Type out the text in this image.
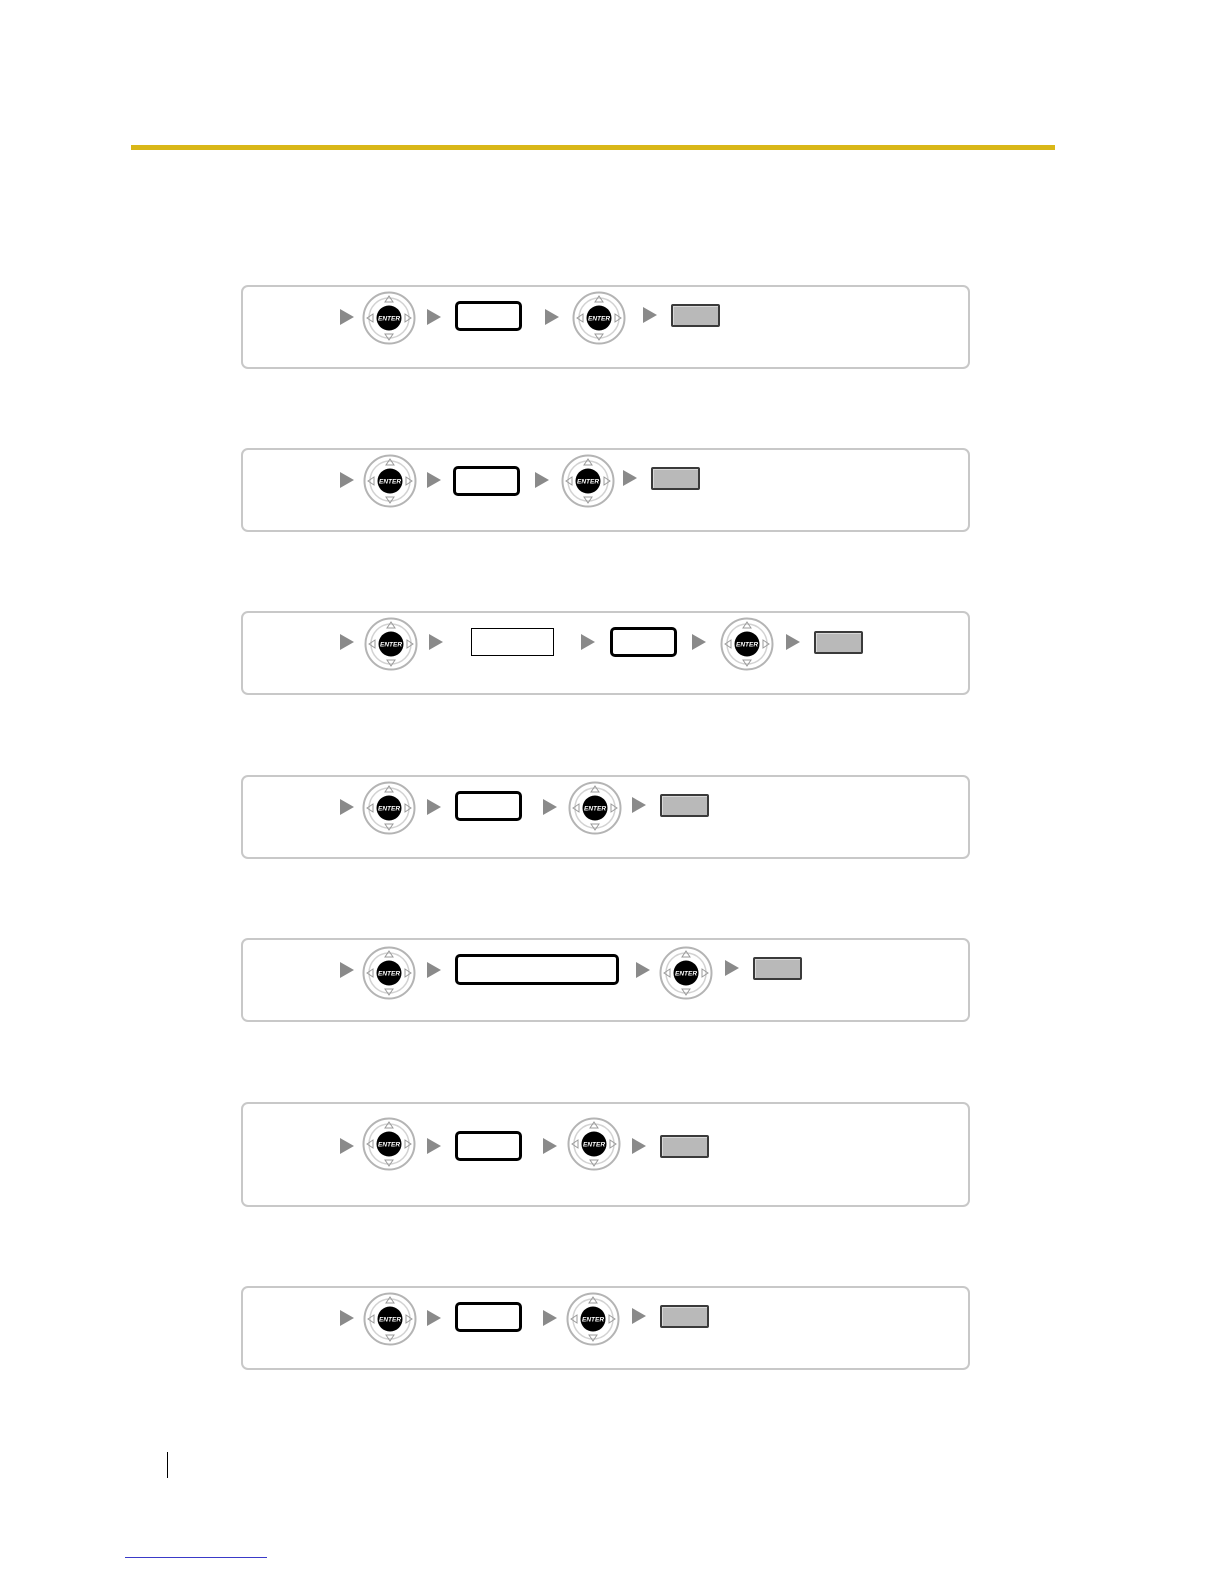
ENTER	ENTER
ENTER	ENTER
ENTER	ENTER
ENTER	ENTER
ENTER	ENTER
ENTER	ENTER
ENTER	ENTER
